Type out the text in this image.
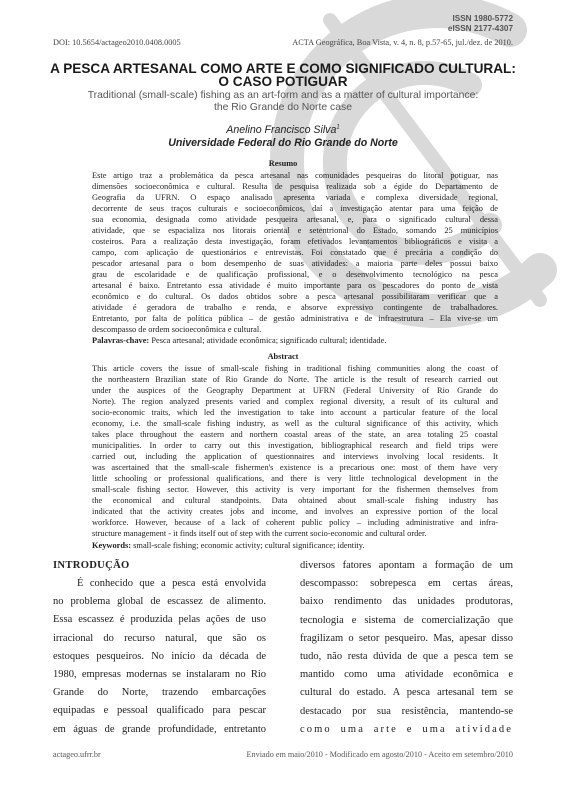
ISSN 1980-5772
eISSN 2177-4307
DOI: 10.5654/actageo2010.0408.0005	ACTA Geográfica, Boa Vista, v. 4, n. 8, p.57-65, jul./dez. de 2010.
A PESCA ARTESANAL COMO ARTE E COMO SIGNIFICADO CULTURAL:
O CASO POTIGUAR
Traditional (small-scale) fishing as an art-form and as a matter of cultural importance:
the Rio Grande do Norte case
Anelino Francisco Silva$^1$
Universidade Federal do Rio Grande do Norte
Resumo
Este artigo traz a problemática da pesca artesanal nas comunidades pesqueiras do litoral potiguar, nas
dimensões socioeconômica e cultural. Resulta de pesquisa realizada sob a égide do Departamento de
Geografia da UFRN. O espaço analisado apresenta variada e complexa diversidade regional,
decorrente de seus traços culturais e socioeconômicos, daí a investigação atentar para uma feição de
sua economia, designada como atividade pesqueira artesanal, e, para o significado cultural dessa
atividade, que se espacializa nos litorais oriental e setentrional do Estado, somando 25 municípios
costeiros. Para a realização desta investigação, foram efetivados levantamentos bibliográficos e visita a
campo, com aplicação de questionários e entrevistas. Foi constatado que é precária a condição do
pescador artesanal para o bom desempenho de suas atividades: a maioria parte deles possui baixo
grau de escolaridade e de qualificação profissional, e o desenvolvimento tecnológico na pesca
artesanal é baixo. Entretanto essa atividade é muito importante para os pescadores do ponto de vista
econômico e do cultural. Os dados obtidos sobre a pesca artesanal possibilitaram verificar que a
atividade é geradora de trabalho e renda, e absorve expressivo contingente de trabalhadores.
Entretanto, por falta de política pública – de gestão administrativa e de infraestrutura – Ela vive-se um
descompasso de ordem socioeconômica e cultural.
Palavras-chave: Pesca artesanal; atividade econômica; significado cultural; identidade.
Abstract
This article covers the issue of small-scale fishing in traditional fishing communities along the coast of
the northeastern Brazilian state of Rio Grande do Norte. The article is the result of research carried out
under the auspices of the Geography Department at UFRN (Federal University of Rio Grande do
Norte). The region analyzed presents varied and complex regional diversity, a result of its cultural and
socio-economic traits, which led the investigation to take into account a particular feature of the local
economy, i.e. the small-scale fishing industry, as well as the cultural significance of this activity, which
takes place throughout the eastern and northern coastal areas of the state, an area totaling 25 coastal
municipalities. In order to carry out this investigation, bibliographical research and field trips were
carried out, including the application of questionnaires and interviews involving local residents. It
was ascertained that the small-scale fishermen's existence is a precarious one: most of them have very
little schooling or professional qualifications, and there is very little technological development in the
small-scale fishing sector. However, this activity is very important for the fishermen themselves from
the economical and cultural standpoints. Data obtained about small-scale fishing industry has
indicated that the activity creates jobs and income, and involves an expressive portion of the local
workforce. However, because of a lack of coherent public policy – including administrative and infra-
structure management - it finds itself out of step with the current socio-economic and cultural order.
Keywords: small-scale fishing; economic activity; cultural significance; identity.
INTRODUÇÃO
É conhecido que a pesca está envolvida
no problema global de escassez de alimento.
Essa escassez é produzida pelas ações de uso
irracional do recurso natural, que são os
estoques pesqueiros. No início da década de
1980, empresas modernas se instalaram no Rio
Grande do Norte, trazendo embarcações
equipadas e pessoal qualificado para pescar
em águas de grande profundidade, entretanto
diversos fatores apontam a formação de um
descompasso: sobrepesca em certas áreas,
baixo rendimento das unidades produtoras,
tecnologia e sistema de comercialização que
fragilizam o setor pesqueiro. Mas, apesar disso
tudo, não resta dúvida de que a pesca tem se
mantido como uma atividade econômica e
cultural do estado. A pesca artesanal tem se
destacado por sua resistência, mantendo-se
como uma arte e uma atividade
actageo.ufrr.br	Enviado em maio/2010 - Modificado em agosto/2010 - Aceito em setembro/2010
